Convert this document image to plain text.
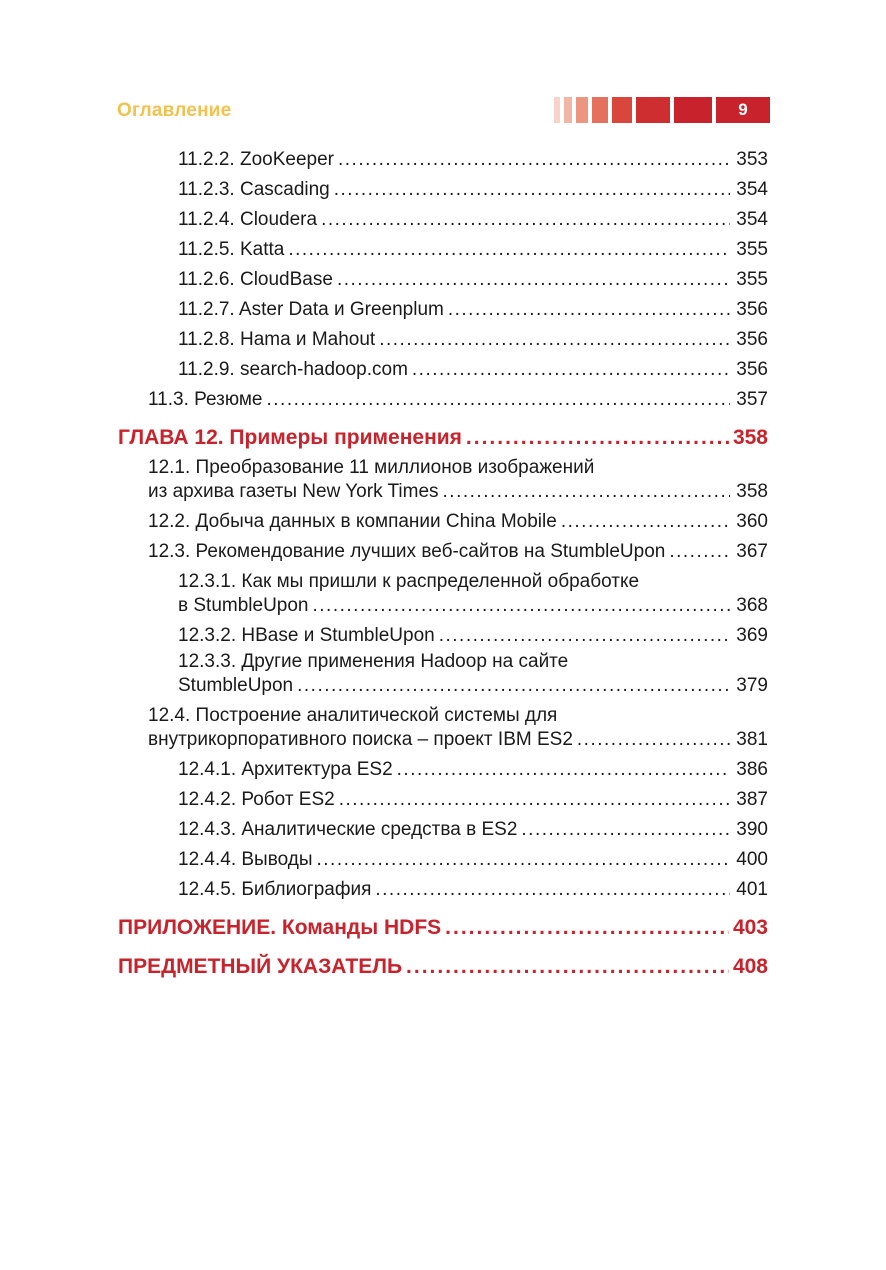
Оглавление	9
11.2.2. ZooKeeper .....	353
11.2.3. Cascading .....	354
11.2.4. Cloudera .....	354
11.2.5. Katta .....	355
11.2.6. CloudBase .....	355
11.2.7. Aster Data и Greenplum .....	356
11.2.8. Hama и Mahout .....	356
11.2.9. search-hadoop.com .....	356
11.3. Резюме .....	357
ГЛАВА 12. Примеры применения .....	358
12.1. Преобразование 11 миллионов изображений
из архива газеты New York Times .....	358
12.2. Добыча данных в компании China Mobile .....	360
12.3. Рекомендование лучших веб-сайтов на StumbleUpon .....	367
12.3.1. Как мы пришли к распределенной обработке
в StumbleUpon .....	368
12.3.2. HBase и StumbleUpon .....	369
12.3.3. Другие применения Hadoop на сайте
StumbleUpon .....	379
12.4. Построение аналитической системы для
внутрикорпоративного поиска – проект IBM ES2 .....	381
12.4.1. Архитектура ES2 .....	386
12.4.2. Робот ES2 .....	387
12.4.3. Аналитические средства в ES2 .....	390
12.4.4. Выводы .....	400
12.4.5. Библиография .....	401
ПРИЛОЖЕНИЕ. Команды HDFS .....	403
ПРЕДМЕТНЫЙ УКАЗАТЕЛЬ .....	408
